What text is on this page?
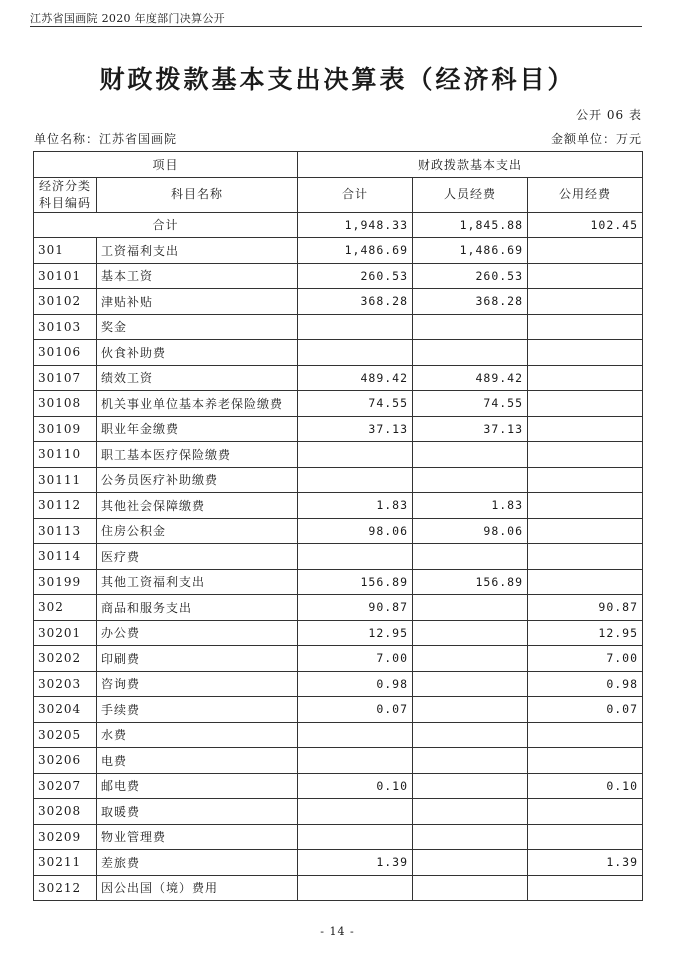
江苏省国画院 2020 年度部门决算公开
财政拨款基本支出决算表（经济科目）
公开 06 表
单位名称：江苏省国画院	金额单位：万元
项目		财政拨款基本支出		

经济分类
科目编码	科目名称	合计	人员经费	公用经费
合计		1,948.33	1,845.88	102.45
301	工资福利支出	1,486.69	1,486.69	
30101	基本工资	260.53	260.53	
30102	津贴补贴	368.28	368.28	
30103	奖金			
30106	伙食补助费			
30107	绩效工资	489.42	489.42	
30108	机关事业单位基本养老保险缴费	74.55	74.55	
30109	职业年金缴费	37.13	37.13	
30110	职工基本医疗保险缴费			
30111	公务员医疗补助缴费			
30112	其他社会保障缴费	1.83	1.83	
30113	住房公积金	98.06	98.06	
30114	医疗费			
30199	其他工资福利支出	156.89	156.89	
302	商品和服务支出	90.87		90.87
30201	办公费	12.95		12.95
30202	印刷费	7.00		7.00
30203	咨询费	0.98		0.98
30204	手续费	0.07		0.07
30205	水费			
30206	电费			
30207	邮电费	0.10		0.10
30208	取暖费			
30209	物业管理费			
30211	差旅费	1.39		1.39
30212	因公出国（境）费用			
- 14 -
